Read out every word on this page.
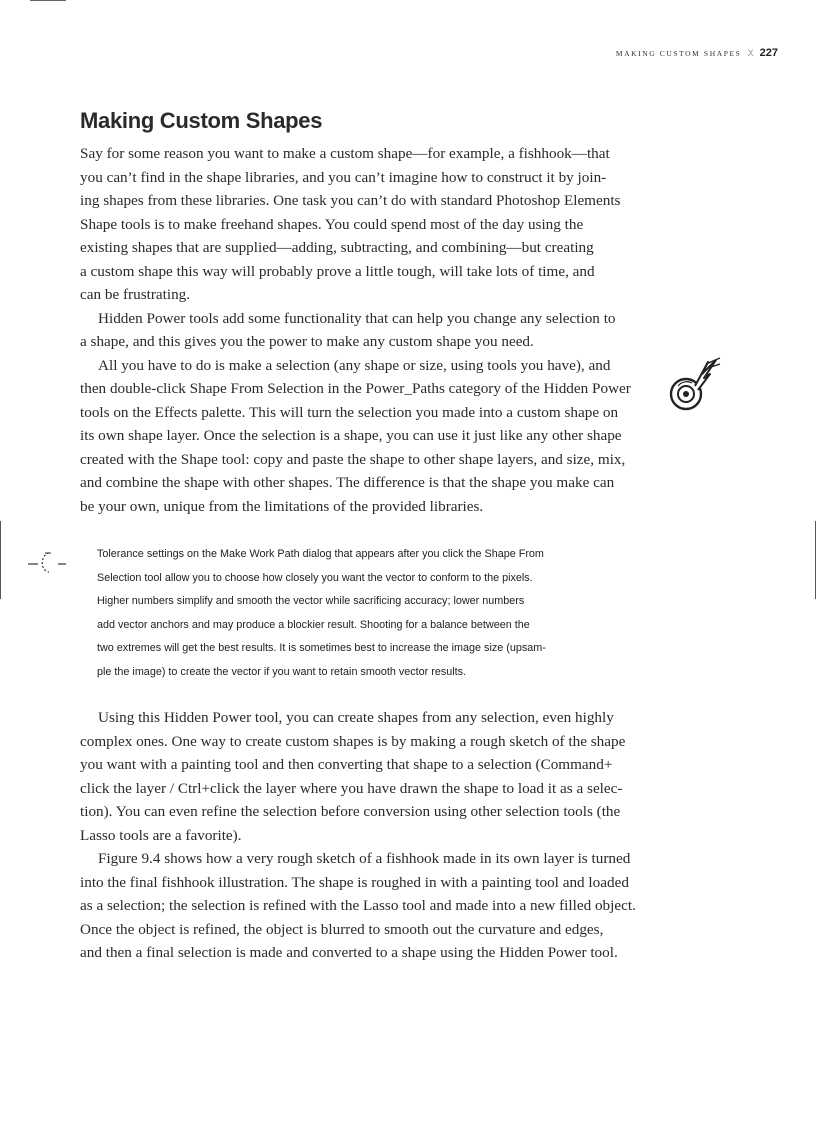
MAKING CUSTOM SHAPES Ⅹ 227
Making Custom Shapes

Say for some reason you want to make a custom shape—for example, a fishhook—that
you can’t find in the shape libraries, and you can’t imagine how to construct it by join-
ing shapes from these libraries. One task you can’t do with standard Photoshop Elements
Shape tools is to make freehand shapes. You could spend most of the day using the
existing shapes that are supplied—adding, subtracting, and combining—but creating
a custom shape this way will probably prove a little tough, will take lots of time, and
can be frustrating.

Hidden Power tools add some functionality that can help you change any selection to
a shape, and this gives you the power to make any custom shape you need.

All you have to do is make a selection (any shape or size, using tools you have), and
then double-click Shape From Selection in the Power_Paths category of the Hidden Power
tools on the Effects palette. This will turn the selection you made into a custom shape on
its own shape layer. Once the selection is a shape, you can use it just like any other shape
created with the Shape tool: copy and paste the shape to other shape layers, and size, mix,
and combine the shape with other shapes. The difference is that the shape you make can
be your own, unique from the limitations of the provided libraries.

Tolerance settings on the Make Work Path dialog that appears after you click the Shape From
Selection tool allow you to choose how closely you want the vector to conform to the pixels.
Higher numbers simplify and smooth the vector while sacrificing accuracy; lower numbers
add vector anchors and may produce a blockier result. Shooting for a balance between the
two extremes will get the best results. It is sometimes best to increase the image size (upsam-
ple the image) to create the vector if you want to retain smooth vector results.

Using this Hidden Power tool, you can create shapes from any selection, even highly
complex ones. One way to create custom shapes is by making a rough sketch of the shape
you want with a painting tool and then converting that shape to a selection (Command+
click the layer / Ctrl+click the layer where you have drawn the shape to load it as a selec-
tion). You can even refine the selection before conversion using other selection tools (the
Lasso tools are a favorite).

Figure 9.4 shows how a very rough sketch of a fishhook made in its own layer is turned
into the final fishhook illustration. The shape is roughed in with a painting tool and loaded
as a selection; the selection is refined with the Lasso tool and made into a new filled object.
Once the object is refined, the object is blurred to smooth out the curvature and edges,
and then a final selection is made and converted to a shape using the Hidden Power tool.
